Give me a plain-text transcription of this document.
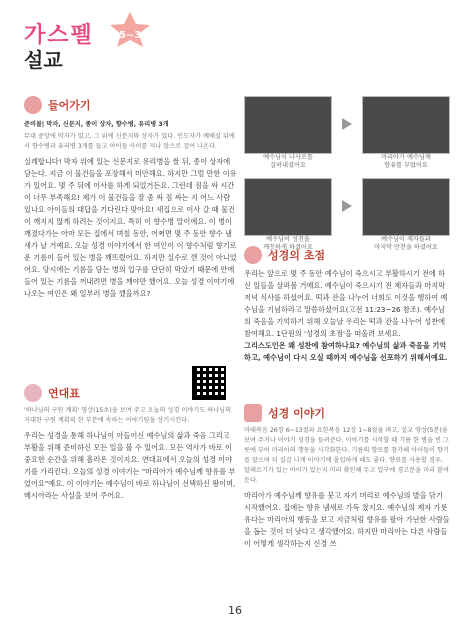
15~30분
가스펠
설교
들어가기
준비물| 막자, 신문지, 종이 상자, 향수병, 유리병 3개
무대 중앙에 막자가 있고, 그 위에 신문지와 상자가 있다. 인도자가 예배실 뒤에서 향수병과 유리병 3개를 들고 아이들 사이를 지나 앞으로 걸어 나온다.
실례합니다! 막자 위에 있는 신문지로 유리병을 쌀 뒤, 종이 상자에 담는다. 지금 이 물건들을 포장해서 미안해요. 하지만 그럴 만한 이유가 있어요. 몇 주 뒤에 이사를 하게 되었거든요. 그런데 짐을 싸 시간이 너무 부족해요! 제가 이 물건들을 잘 좀 싸 짐 싸는 지 어느 사람 있나요 아이들의 대답을 기다린다 맞아요! 새집으로 이사 갈 때 물건이 깨지지 않게 하려는 것이지요. 특히 이 향수병 말이에요. 이 병이 깨졌다가는 아마 모든 집에서 며칠 동안, 어쩌면 몇 주 동안 향수 냄새가 날 거예요. 오늘 성경 이야기에서 한 여인이 이 향수처럼 향기로운 기름이 들어 있는 병을 깨뜨렸어요. 하지만 실수로 깬 것이 아니었어요. 당시에는 기름을 담는 병의 입구를 단단히 막았기 때문에 안에 들어 있는 기름을 꺼내려면 병을 깨야만 했어요. 오늘 성경 이야기에 나오는 여인은 왜 일부러 병을 깼을까요?
연대표
'하나님의 구원 계획' 영상(15초)을 보여 주고 오늘의 성경 이야기도 하나님의 거대한 구원 계획의 한 부분에 속하는 이야기임을 상기시킨다.
우리는 성경을 통해 하나님이 아들이신 예수님의 삶과 죽음 그리고 부활을 위해 준비하신 모든 일을 볼 수 있어요. 모든 역사가 바로 이 중요한 순간을 위해 흘러온 것이지요. 연대표에서 오늘의 성경 이야기를 가리킨다. 오늘의 성경 이야기는 "마리아가 예수님께 향유를 부었어요"예요. 이 이야기는 예수님이 바로 하나님이 선택하신 왕이며, 메시아라는 사실을 보여 주어요.
예수님이 나사로를
살려내셨어요
마리아가 예수님께
향유를 부었어요
예수님이 성전을
깨끗하게 하셨어요
예수님이 제자들과
마지막 만찬을 하셨어요
성경의 초점
우리는 앞으로 몇 주 동안 예수님이 죽으시고 부활하시기 전에 하신 일들을 살펴볼 거예요. 예수님이 죽으시기 전 제자들과 마지막 저녁 식사를 하셨어요. 떡과 잔을 나누어 너희도 이것을 행하여 예수님을 기념하라고 말씀하셨어요(고전 11:23~26 참조). 예수님의 죽음을 기억하기 위해 오늘날 우리는 떡과 잔을 나누어 성찬에 참여해요. 1단원의 '성경의 초점'을 떠올려 보세요.
그리스도인은 왜 성찬에 참여하나요? 예수님의 삶과 죽음을 기억하고, 예수님이 다시 오실 때까지 예수님을 선포하기 위해서예요.
성경 이야기
마태복음 26장 6~13절과 요한복음 12장 1~8절을 펴고, 설교 영상(5분)을 보여 주거나 이야기 성경을 들려준다. 이야기를 시작할 때 기름 한 병을 빈 그릇에 부어 마리아의 행동을 시각화한다. 기름의 향로를 참가해 아이들이 향기를 맡으며 더 실감 나게 이야기에 몰입하게 해도 좋다. 향료를 사용할 경우, 알레르기가 있는 아이가 있는지 미리 확인해 두고 입구에 경고문을 미리 붙여 둔다.
마리아가 예수님께 향유를 붓고 자기 머리로 예수님의 발을 닦기 시작했어요. 집에는 향유 냄새로 가득 찼지요. 예수님의 제자 가룟 유다는 마리아의 행동을 보고 지금처럼 향유를 팔아 가난한 사람들을 돕는 것이 더 낫다고 생각했어요. 하지만 마리아는 다른 사람들이 어떻게 생각하는지 신경 쓰
16
